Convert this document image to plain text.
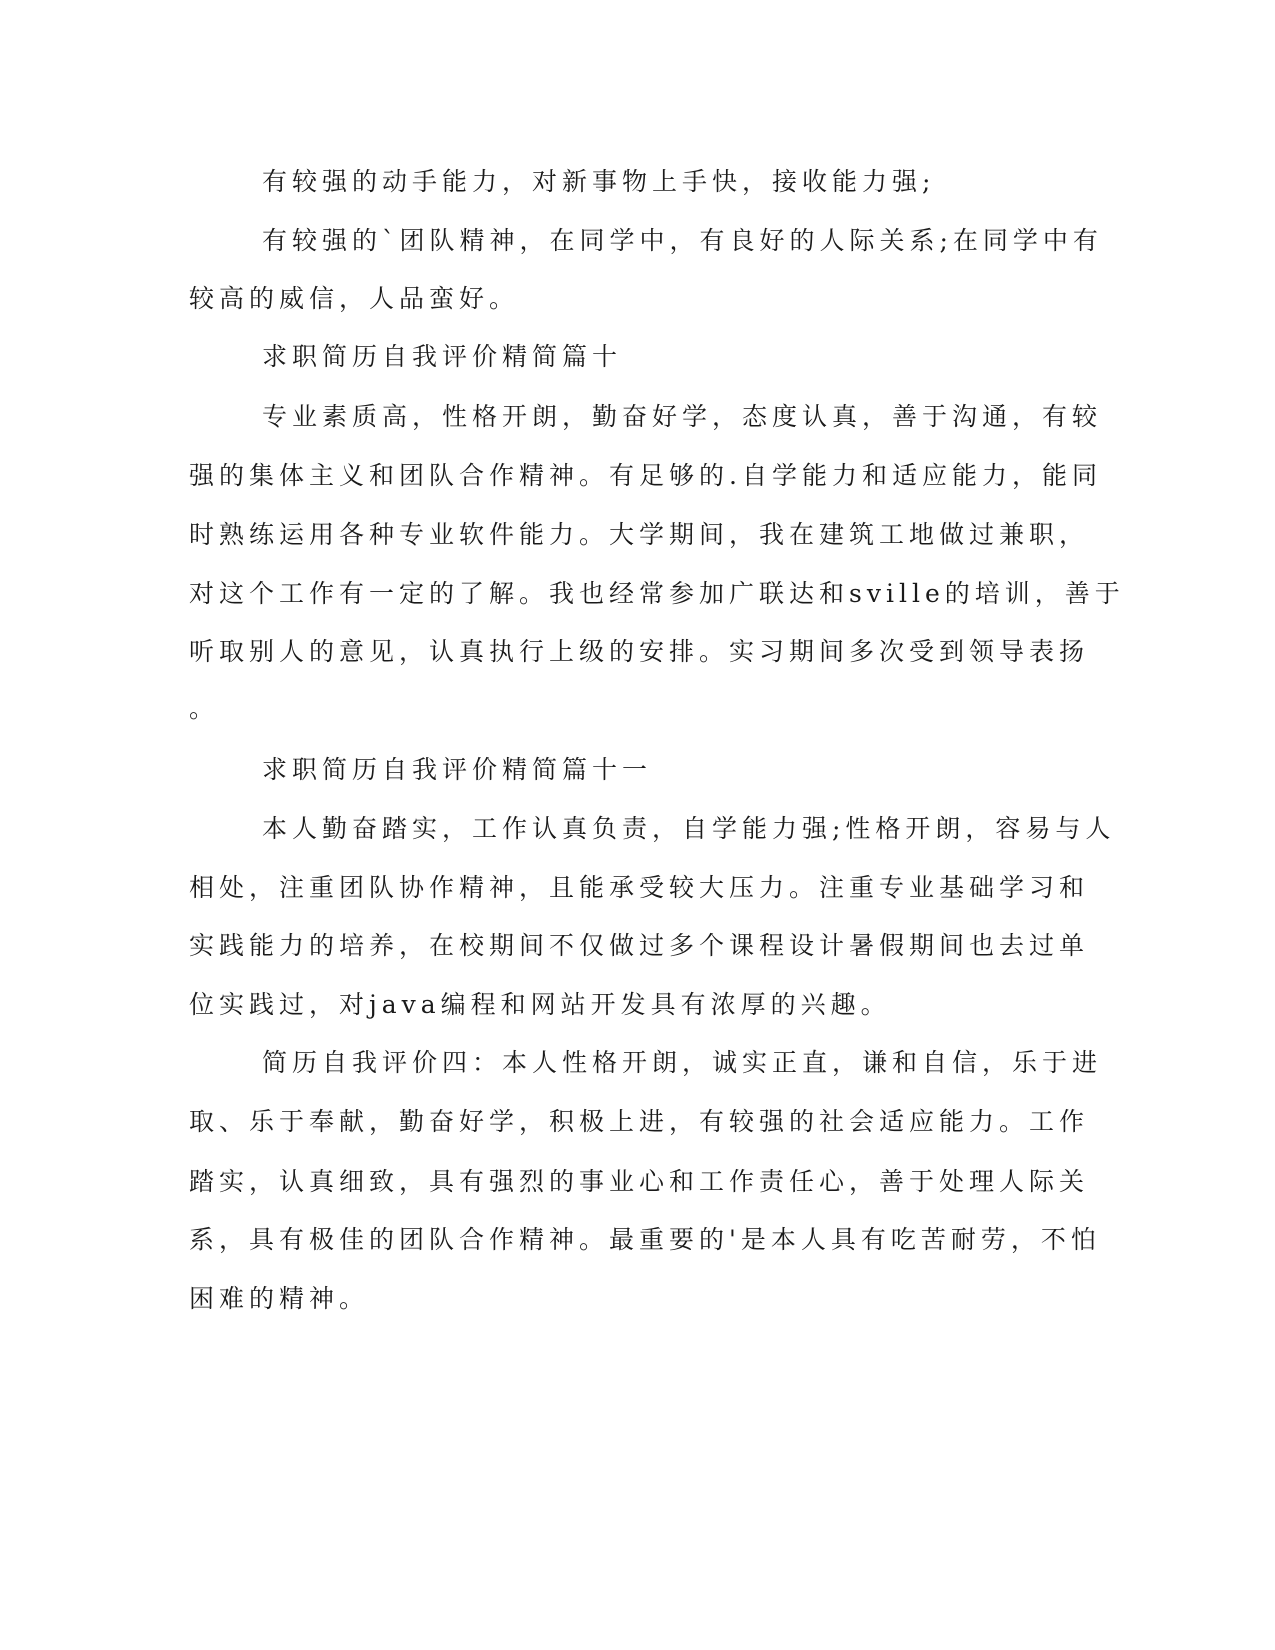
有较强的动手能力，对新事物上手快，接收能力强;

有较强的`团队精神，在同学中，有良好的人际关系;在同学中有

较高的威信，人品蛮好。

求职简历自我评价精简篇十

专业素质高，性格开朗，勤奋好学，态度认真，善于沟通，有较

强的集体主义和团队合作精神。有足够的.自学能力和适应能力，能同

时熟练运用各种专业软件能力。大学期间，我在建筑工地做过兼职，

对这个工作有一定的了解。我也经常参加广联达和sville的培训，善于

听取别人的意见，认真执行上级的安排。实习期间多次受到领导表扬

。

求职简历自我评价精简篇十一

本人勤奋踏实，工作认真负责，自学能力强;性格开朗，容易与人

相处，注重团队协作精神，且能承受较大压力。注重专业基础学习和

实践能力的培养，在校期间不仅做过多个课程设计暑假期间也去过单

位实践过，对java编程和网站开发具有浓厚的兴趣。

简历自我评价四：本人性格开朗，诚实正直，谦和自信，乐于进

取、乐于奉献，勤奋好学，积极上进，有较强的社会适应能力。工作

踏实，认真细致，具有强烈的事业心和工作责任心，善于处理人际关

系，具有极佳的团队合作精神。最重要的'是本人具有吃苦耐劳，不怕

困难的精神。
